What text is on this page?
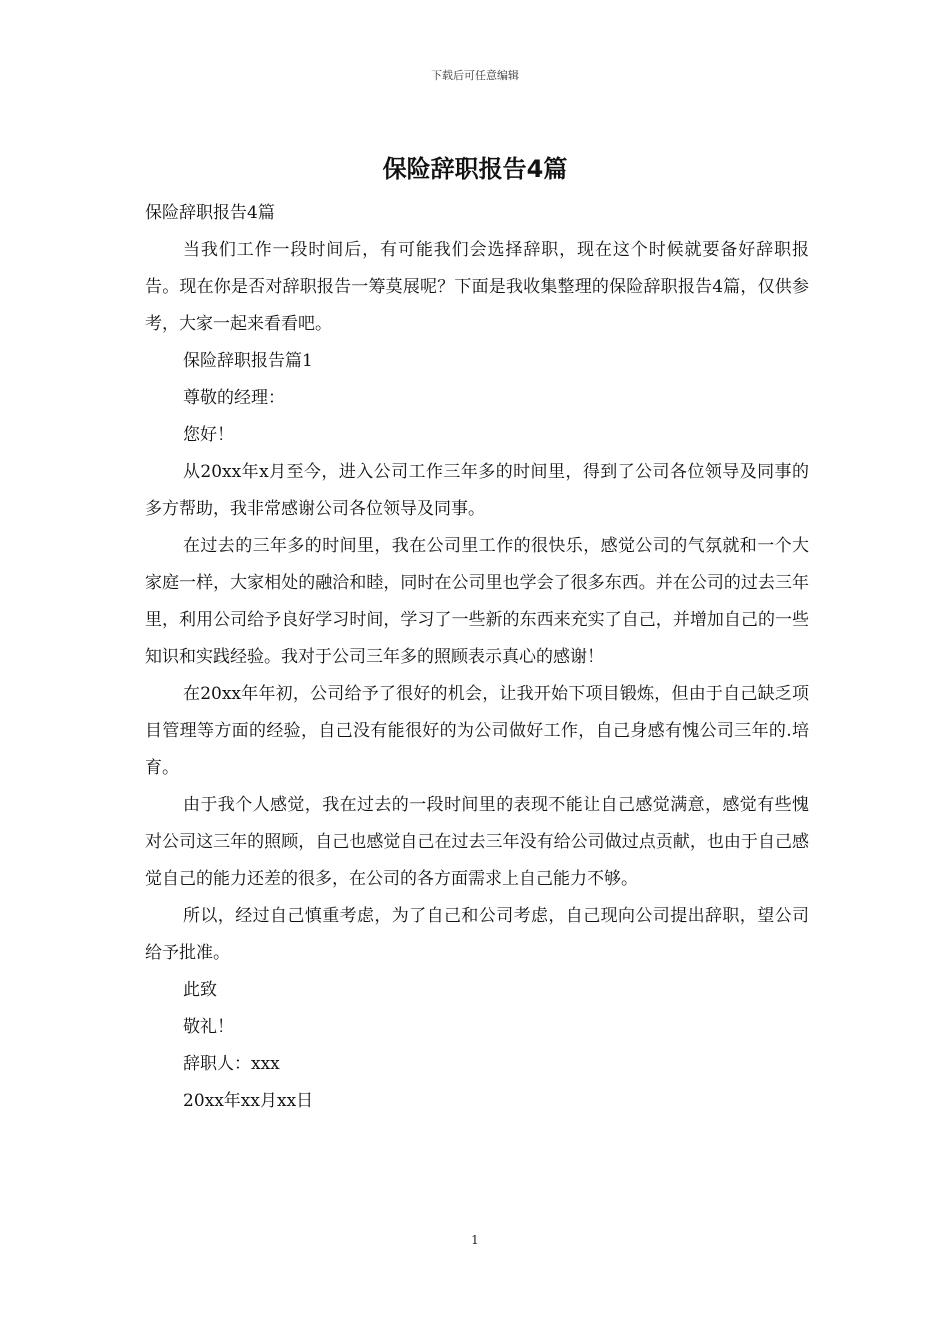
下载后可任意编辑
保险辞职报告4篇

保险辞职报告4篇

当我们工作一段时间后，有可能我们会选择辞职，现在这个时候就要备好辞职报告。现在你是否对辞职报告一筹莫展呢？下面是我收集整理的保险辞职报告4篇，仅供参考，大家一起来看看吧。

保险辞职报告篇1

尊敬的经理：

您好！

从20xx年x月至今，进入公司工作三年多的时间里，得到了公司各位领导及同事的多方帮助，我非常感谢公司各位领导及同事。

在过去的三年多的时间里，我在公司里工作的很快乐，感觉公司的气氛就和一个大家庭一样，大家相处的融洽和睦，同时在公司里也学会了很多东西。并在公司的过去三年里，利用公司给予良好学习时间，学习了一些新的东西来充实了自己，并增加自己的一些知识和实践经验。我对于公司三年多的照顾表示真心的感谢！

在20xx年年初，公司给予了很好的机会，让我开始下项目锻炼，但由于自己缺乏项目管理等方面的经验，自己没有能很好的为公司做好工作，自己身感有愧公司三年的.培育。

由于我个人感觉，我在过去的一段时间里的表现不能让自己感觉满意，感觉有些愧对公司这三年的照顾，自己也感觉自己在过去三年没有给公司做过点贡献，也由于自己感觉自己的能力还差的很多，在公司的各方面需求上自己能力不够。

所以，经过自己慎重考虑，为了自己和公司考虑，自己现向公司提出辞职，望公司给予批准。

此致

敬礼！

辞职人：xxx

20xx年xx月xx日

1
